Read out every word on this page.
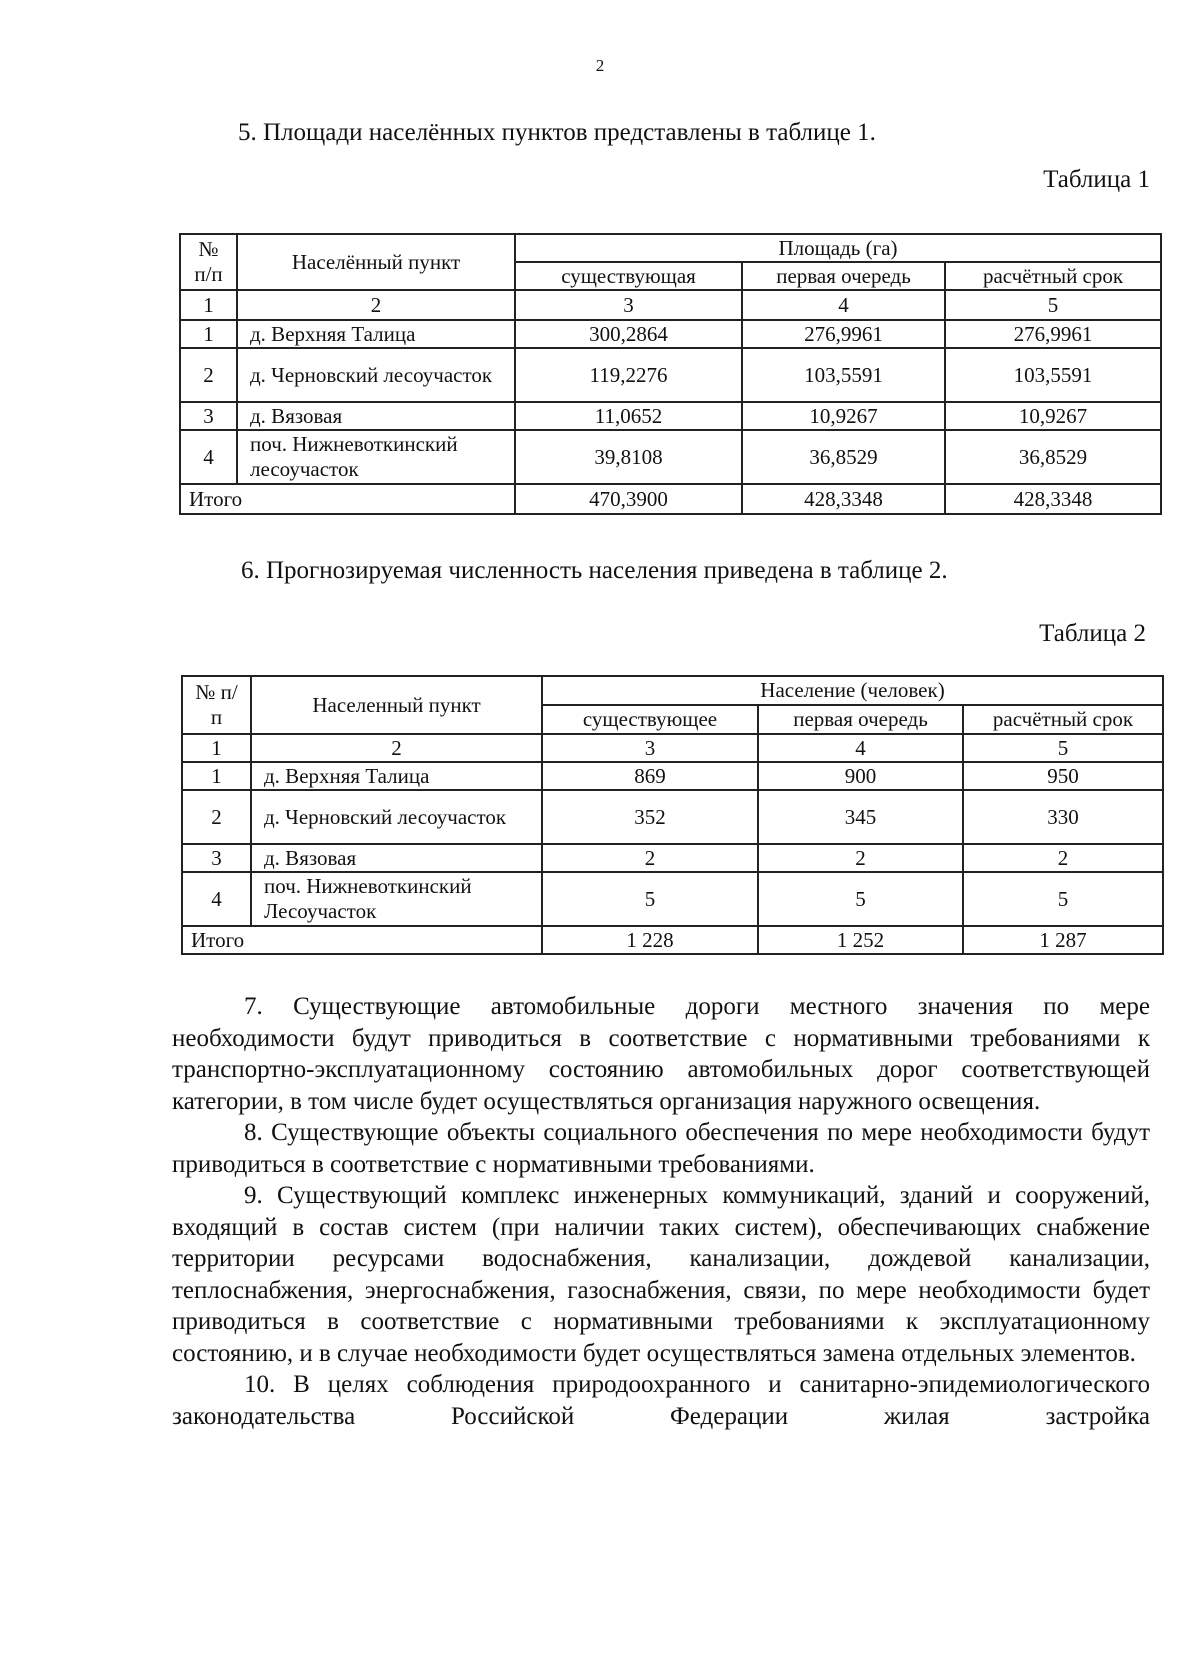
2
5. Площади населённых пунктов представлены в таблице 1.
Таблица 1
№ п/п	Населённый пункт	Площадь (га)		
		существующая	первая очередь	расчётный срок
1	2	3	4	5
1	д. Верхняя Талица	300,2864	276,9961	276,9961
2	д. Черновский лесоучасток	119,2276	103,5591	103,5591
3	д. Вязовая	11,0652	10,9267	10,9267
4	поч. Нижневоткинский лесоучасток	39,8108	36,8529	36,8529
Итого		470,3900	428,3348	428,3348
6. Прогнозируемая численность населения приведена в таблице 2.
Таблица 2
№ п/п	Населенный пункт	Население (человек)		
		существующее	первая очередь	расчётный срок
1	2	3	4	5
1	д. Верхняя Талица	869	900	950
2	д. Черновский лесоучасток	352	345	330
3	д. Вязовая	2	2	2
4	поч. Нижневоткинский Лесоучасток	5	5	5
Итого		1 228	1 252	1 287

7. Существующие автомобильные дороги местного значения по мере необходимости будут приводиться в соответствие с нормативными требованиями к транспортно-эксплуатационному состоянию автомобильных дорог соответствующей категории, в том числе будет осуществляться организация наружного освещения.

8. Существующие объекты социального обеспечения по мере необходимости будут приводиться в соответствие с нормативными требованиями.

9. Существующий комплекс инженерных коммуникаций, зданий и сооружений, входящий в состав систем (при наличии таких систем), обеспечивающих снабжение территории ресурсами водоснабжения, канализации, дождевой канализации, теплоснабжения, энергоснабжения, газоснабжения, связи, по мере необходимости будет приводиться в соответствие с нормативными требованиями к эксплуатационному состоянию, и в случае необходимости будет осуществляться замена отдельных элементов.

10. В целях соблюдения природоохранного и санитарно-эпидемиологического законодательства Российской Федерации жилая застройка
